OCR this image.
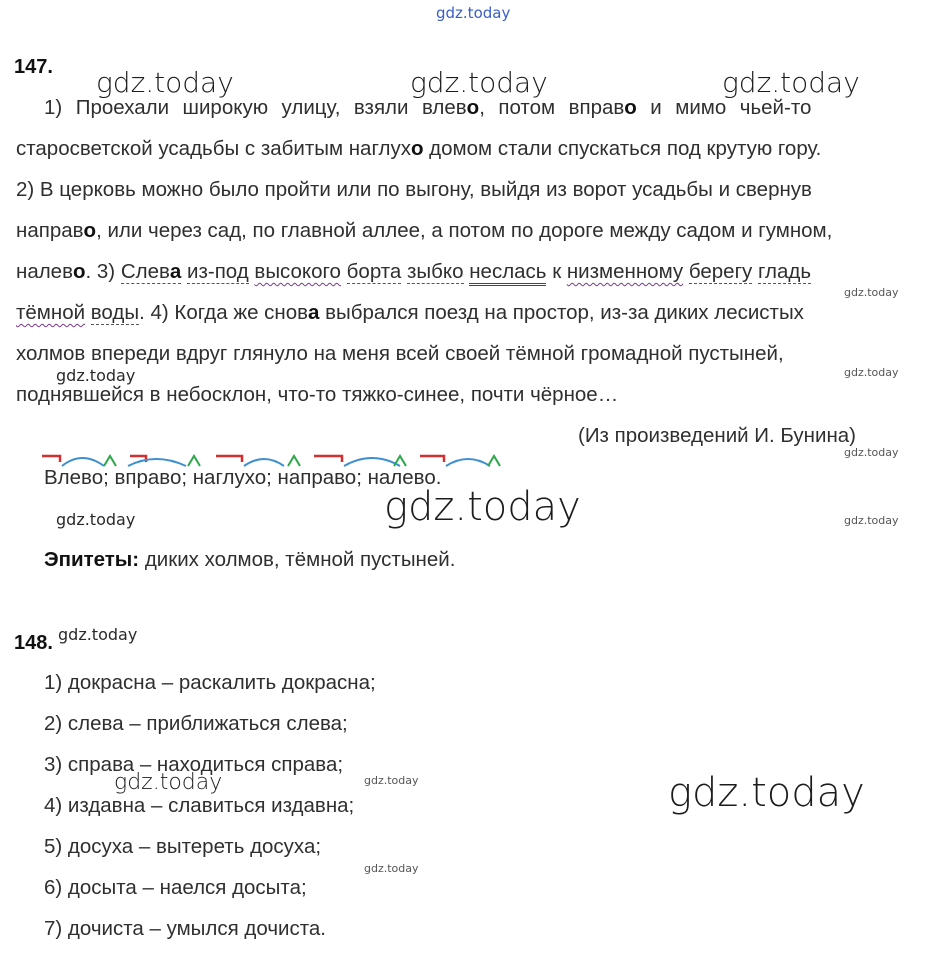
gdz.today
147. gdz.today	gdz.today	gdz.today
1) Проехали широкую улицу, взяли влево, потом вправо и мимо чьей-то
старосветской усадьбы с забитым наглухо домом стали спускаться под крутую гору.
2) В церковь можно было пройти или по выгону, выйдя из ворот усадьбы и свернув
направо, или через сад, по главной аллее, а потом по дороге между садом и гумном,
налево. 3) Слева из-под высокого борта зыбко неслась к низменному берегу гладь
gdz.today
тёмной воды. 4) Когда же снова выбрался поезд на простор, из-за диких лесистых
холмов впереди вдруг глянуло на меня всей своей тёмной громадной пустыней,
gdz.today	gdz.today
поднявшейся в небосклон, что-то тяжко-синее, почти чёрное…
(Из произведений И. Бунина)
gdz.today
Влево; вправо; наглухо; направо; налево.
gdz.today	gdz.today	gdz.today
Эпитеты: диких холмов, тёмной пустыней.
148. gdz.today
1) докрасна – раскалить докрасна;
2) слева – приближаться слева;
3) справа – находиться справа;
gdz.today	gdz.today
4) издавна – славиться издавна;	gdz.today
5) досуха – вытереть досуха;
gdz.today
6) досыта – наелся досыта;
7) дочиста – умылся дочиста.
